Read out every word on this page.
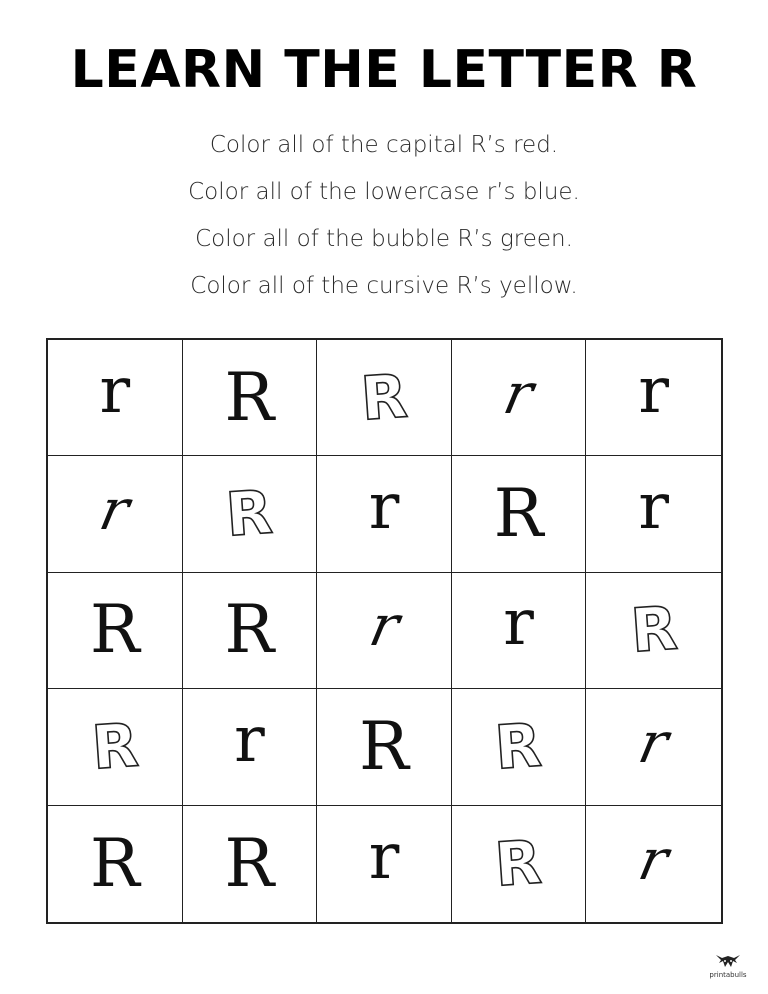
LEARN THE LETTER R
Color all of the capital R’s red.
Color all of the lowercase r’s blue.
Color all of the bubble R’s green.
Color all of the cursive R’s yellow.
r R R r r
r R r R r
R R r r R
R r R R r
R R r R r
printabulls
